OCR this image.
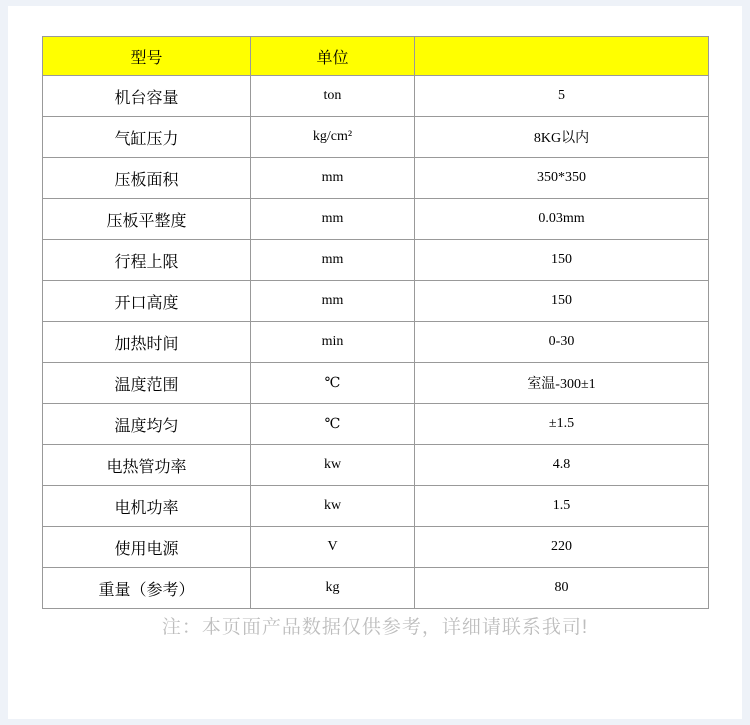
型号	单位	
机台容量	ton	5
气缸压力	kg/cm²	8KG以内
压板面积	mm	350*350
压板平整度	mm	0.03mm
行程上限	mm	150
开口高度	mm	150
加热时间	min	0-30
温度范围	℃	室温-300±1
温度均匀	℃	±1.5
电热管功率	kw	4.8
电机功率	kw	1.5
使用电源	V	220
重量（参考）	kg	80
注：本页面产品数据仅供参考，详细请联系我司!
